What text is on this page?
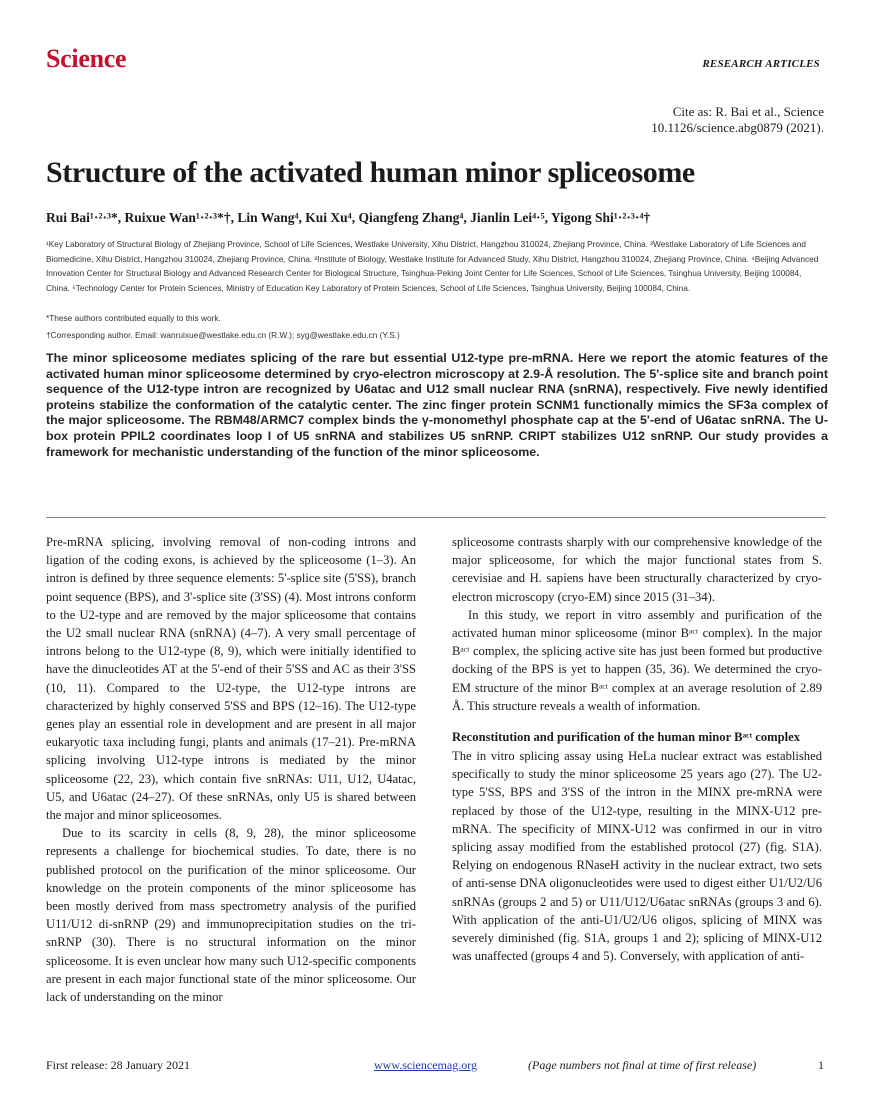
Science	RESEARCH ARTICLES
Cite as: R. Bai et al., Science
10.1126/science.abg0879 (2021).
Structure of the activated human minor spliceosome
Rui Bai¹·²·³*, Ruixue Wan¹·²·³*†, Lin Wang⁴, Kui Xu⁴, Qiangfeng Zhang⁴, Jianlin Lei⁴·⁵, Yigong Shi¹·²·³·⁴†
¹Key Laboratory of Structural Biology of Zhejiang Province, School of Life Sciences, Westlake University, Xihu District, Hangzhou 310024, Zhejiang Province, China. ²Westlake Laboratory of Life Sciences and Biomedicine, Xihu District, Hangzhou 310024, Zhejiang Province, China. ³Institute of Biology, Westlake Institute for Advanced Study, Xihu District, Hangzhou 310024, Zhejiang Province, China. ⁴Beijing Advanced Innovation Center for Structural Biology and Advanced Research Center for Biological Structure, Tsinghua-Peking Joint Center for Life Sciences, School of Life Sciences, Tsinghua University, Beijing 100084, China. ⁵Technology Center for Protein Sciences, Ministry of Education Key Laboratory of Protein Sciences, School of Life Sciences, Tsinghua University, Beijing 100084, China.
*These authors contributed equally to this work.
†Corresponding author. Email: wanruixue@westlake.edu.cn (R.W.); syg@westlake.edu.cn (Y.S.)
The minor spliceosome mediates splicing of the rare but essential U12-type pre-mRNA. Here we report the atomic features of the activated human minor spliceosome determined by cryo-electron microscopy at 2.9-Å resolution. The 5'-splice site and branch point sequence of the U12-type intron are recognized by U6atac and U12 small nuclear RNA (snRNA), respectively. Five newly identified proteins stabilize the conformation of the catalytic center. The zinc finger protein SCNM1 functionally mimics the SF3a complex of the major spliceosome. The RBM48/ARMC7 complex binds the γ-monomethyl phosphate cap at the 5'-end of U6atac snRNA. The U-box protein PPIL2 coordinates loop I of U5 snRNA and stabilizes U5 snRNP. CRIPT stabilizes U12 snRNP. Our study provides a framework for mechanistic understanding of the function of the minor spliceosome.

Pre-mRNA splicing, involving removal of non-coding introns and ligation of the coding exons, is achieved by the spliceosome (1–3). An intron is defined by three sequence elements: 5'-splice site (5'SS), branch point sequence (BPS), and 3'-splice site (3'SS) (4). Most introns conform to the U2-type and are removed by the major spliceosome that contains the U2 small nuclear RNA (snRNA) (4–7). A very small percentage of introns belong to the U12-type (8, 9), which were initially identified to have the dinucleotides AT at the 5'-end of their 5'SS and AC as their 3'SS (10, 11). Compared to the U2-type, the U12-type introns are characterized by highly conserved 5'SS and BPS (12–16). The U12-type genes play an essential role in development and are present in all major eukaryotic taxa including fungi, plants and animals (17–21). Pre-mRNA splicing involving U12-type introns is mediated by the minor spliceosome (22, 23), which contain five snRNAs: U11, U12, U4atac, U5, and U6atac (24–27). Of these snRNAs, only U5 is shared between the major and minor spliceosomes.

Due to its scarcity in cells (8, 9, 28), the minor spliceosome represents a challenge for biochemical studies. To date, there is no published protocol on the purification of the minor spliceosome. Our knowledge on the protein components of the minor spliceosome has been mostly derived from mass spectrometry analysis of the purified U11/U12 di-snRNP (29) and immunoprecipitation studies on the tri-snRNP (30). There is no structural information on the minor spliceosome. It is even unclear how many such U12-specific components are present in each major functional state of the minor spliceosome. Our lack of understanding on the minor

spliceosome contrasts sharply with our comprehensive knowledge of the major spliceosome, for which the major functional states from S. cerevisiae and H. sapiens have been structurally characterized by cryo-electron microscopy (cryo-EM) since 2015 (31–34).

In this study, we report in vitro assembly and purification of the activated human minor spliceosome (minor Bᵃᶜᵗ complex). In the major Bᵃᶜᵗ complex, the splicing active site has just been formed but productive docking of the BPS is yet to happen (35, 36). We determined the cryo-EM structure of the minor Bᵃᶜᵗ complex at an average resolution of 2.89 Å. This structure reveals a wealth of information.

Reconstitution and purification of the human minor Bᵃᶜᵗ complex

The in vitro splicing assay using HeLa nuclear extract was established specifically to study the minor spliceosome 25 years ago (27). The U2-type 5'SS, BPS and 3'SS of the intron in the MINX pre-mRNA were replaced by those of the U12-type, resulting in the MINX-U12 pre-mRNA. The specificity of MINX-U12 was confirmed in our in vitro splicing assay modified from the established protocol (27) (fig. S1A). Relying on endogenous RNaseH activity in the nuclear extract, two sets of anti-sense DNA oligonucleotides were used to digest either U1/U2/U6 snRNAs (groups 2 and 5) or U11/U12/U6atac snRNAs (groups 3 and 6). With application of the anti-U1/U2/U6 oligos, splicing of MINX was severely diminished (fig. S1A, groups 1 and 2); splicing of MINX-U12 was unaffected (groups 4 and 5). Conversely, with application of anti-

First release: 28 January 2021	www.sciencemag.org	(Page numbers not final at time of first release)	1
